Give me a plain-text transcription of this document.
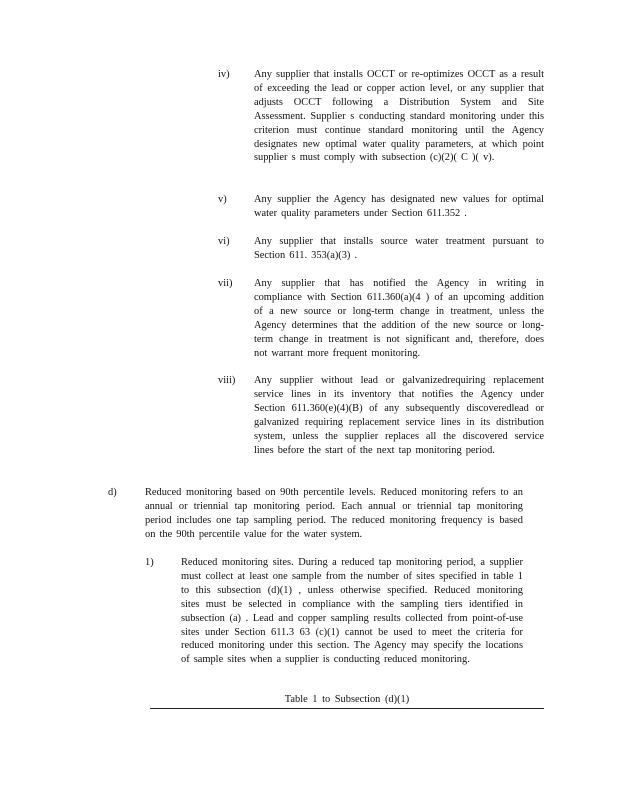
iv) Any supplier that installs OCCT or re-optimizes OCCT as a result of exceeding the lead or copper action level, or any supplier that adjusts OCCT following a Distribution System and Site Assessment. Supplier s conducting standard monitoring under this criterion must continue standard monitoring until the Agency designates new optimal water quality parameters, at which point supplier s must comply with subsection (c)(2)( C )( v).
v)	Any supplier the Agency has designated new values for optimal water quality parameters under Section 611.352 .
vi) Any supplier that installs source water treatment pursuant to Section 611. 353(a)(3) .
vii) Any supplier that has notified the Agency in writing in compliance with Section 611.360(a)(4 ) of an upcoming addition of a new source or long-term change in treatment, unless the Agency determines that the addition of the new source or long-term change in treatment is not significant and, therefore, does not warrant more frequent monitoring.
viii) Any supplier without lead or galvanizedrequiring replacement service lines in its inventory that notifies the Agency under Section 611.360(e)(4)(B) of any subsequently discoveredlead or galvanized requiring replacement service lines in its distribution system, unless the supplier replaces all the discovered service lines before the start of the next tap monitoring period.
d)	Reduced monitoring based on 90th percentile levels. Reduced monitoring refers to an annual or triennial tap monitoring period. Each annual or triennial tap monitoring period includes one tap sampling period. The reduced monitoring frequency is based on the 90th percentile value for the water system.
1)	Reduced monitoring sites. During a reduced tap monitoring period, a supplier must collect at least one sample from the number of sites specified in table 1 to this subsection (d)(1) , unless otherwise specified. Reduced monitoring sites must be selected in compliance with the sampling tiers identified in subsection (a) . Lead and copper sampling results collected from point-of-use sites under Section 611.3 63 (c)(1) cannot be used to meet the criteria for reduced monitoring under this section. The Agency may specify the locations of sample sites when a supplier is conducting reduced monitoring.
Table 1 to Subsection (d)(1)
